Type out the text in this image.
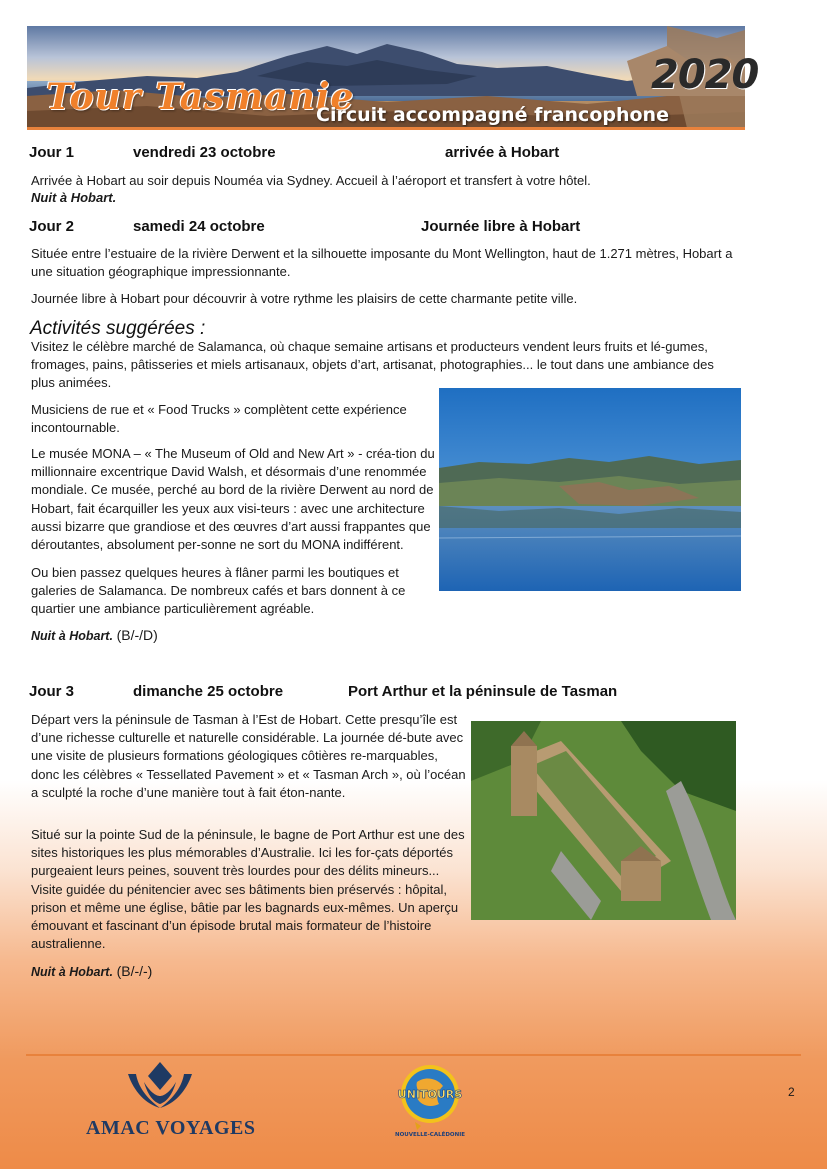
Tour Tasmanie	2020
Circuit accompagné francophone
Jour 1	vendredi 23 octobre	arrivée à Hobart

Arrivée à Hobart au soir depuis Nouméa via Sydney. Accueil à l’aéroport et transfert à votre hôtel.

Nuit à Hobart.

Jour 2	samedi 24 octobre	Journée libre à Hobart

Située entre l’estuaire de la rivière Derwent et la silhouette imposante du Mont Wellington, haut de 1.271 mètres, Hobart a une situation géographique impressionnante.

Journée libre à Hobart pour découvrir à votre rythme les plaisirs de cette charmante petite ville.

Activités suggérées :

Visitez le célèbre marché de Salamanca, où chaque semaine artisans et producteurs vendent leurs fruits et lé-gumes, fromages, pains, pâtisseries et miels artisanaux, objets d’art, artisanat, photographies... le tout dans une ambiance des plus animées.

Musiciens de rue et « Food Trucks » complètent cette expérience incontournable.

Le musée MONA – « The Museum of Old and New Art » - créa-tion du millionnaire excentrique David Walsh, et désormais d’une renommée mondiale. Ce musée, perché au bord de la rivière Derwent au nord de Hobart, fait écarquiller les yeux aux visi-teurs : avec une architecture aussi bizarre que grandiose et des œuvres d’art aussi frappantes que déroutantes, absolument per-sonne ne sort du MONA indifférent.

Ou bien passez quelques heures à flâner parmi les boutiques et galeries de Salamanca. De nombreux cafés et bars donnent à ce quartier une ambiance particulièrement agréable.

Nuit à Hobart. (B/-/D)

Jour 3	dimanche 25 octobre	Port Arthur et la péninsule de Tasman

Départ vers la péninsule de Tasman à l’Est de Hobart. Cette presqu’île est d’une richesse culturelle et naturelle considérable. La journée dé-bute avec une visite de plusieurs formations géologiques côtières re-marquables, donc les célèbres « Tessellated Pavement » et « Tasman Arch », où l’océan a sculpté la roche d’une manière tout à fait éton-nante.

Situé sur la pointe Sud de la péninsule, le bagne de Port Arthur est une des sites historiques les plus mémorables d’Australie. Ici les for-çats déportés purgeaient leurs peines, souvent très lourdes pour des délits mineurs... Visite guidée du pénitencier avec ses bâtiments bien préservés : hôpital, prison et même une église, bâtie par les bagnards eux-mêmes. Un aperçu émouvant et fascinant d’un épisode brutal mais formateur de l’histoire australienne.

Nuit à Hobart. (B/-/-)

AMAC VOYAGES
UNITOURS
NOUVELLE-CALÉDONIE
2
